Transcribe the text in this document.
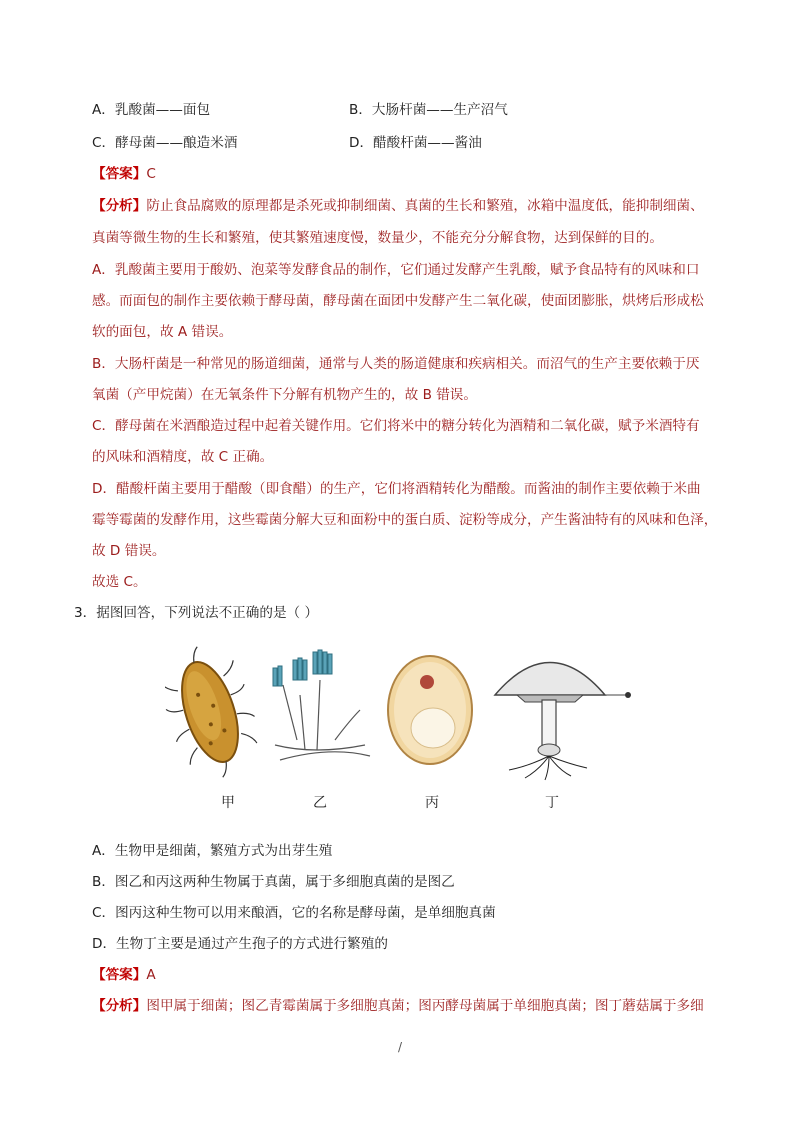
A．乳酸菌——面包	B．大肠杆菌——生产沼气
C．酵母菌——酿造米酒	D．醋酸杆菌——酱油
【答案】C
【分析】防止食品腐败的原理都是杀死或抑制细菌、真菌的生长和繁殖，冰箱中温度低，能抑制细菌、
真菌等微生物的生长和繁殖，使其繁殖速度慢，数量少，不能充分分解食物，达到保鲜的目的。
A．乳酸菌主要用于酸奶、泡菜等发酵食品的制作，它们通过发酵产生乳酸，赋予食品特有的风味和口
感。而面包的制作主要依赖于酵母菌，酵母菌在面团中发酵产生二氧化碳，使面团膨胀，烘烤后形成松
软的面包，故 A 错误。
B．大肠杆菌是一种常见的肠道细菌，通常与人类的肠道健康和疾病相关。而沼气的生产主要依赖于厌
氧菌（产甲烷菌）在无氧条件下分解有机物产生的，故 B 错误。
C．酵母菌在米酒酿造过程中起着关键作用。它们将米中的糖分转化为酒精和二氧化碳，赋予米酒特有
的风味和酒精度，故 C 正确。
D．醋酸杆菌主要用于醋酸（即食醋）的生产，它们将酒精转化为醋酸。而酱油的制作主要依赖于米曲
霉等霉菌的发酵作用，这些霉菌分解大豆和面粉中的蛋白质、淀粉等成分，产生酱油特有的风味和色泽，
故 D 错误。
故选 C。
3．据图回答，下列说法不正确的是（ ）
甲	乙	丙	丁
A．生物甲是细菌，繁殖方式为出芽生殖
B．图乙和丙这两种生物属于真菌，属于多细胞真菌的是图乙
C．图丙这种生物可以用来酿酒，它的名称是酵母菌，是单细胞真菌
D．生物丁主要是通过产生孢子的方式进行繁殖的
【答案】A
【分析】图甲属于细菌；图乙青霉菌属于多细胞真菌；图丙酵母菌属于单细胞真菌；图丁蘑菇属于多细
/
